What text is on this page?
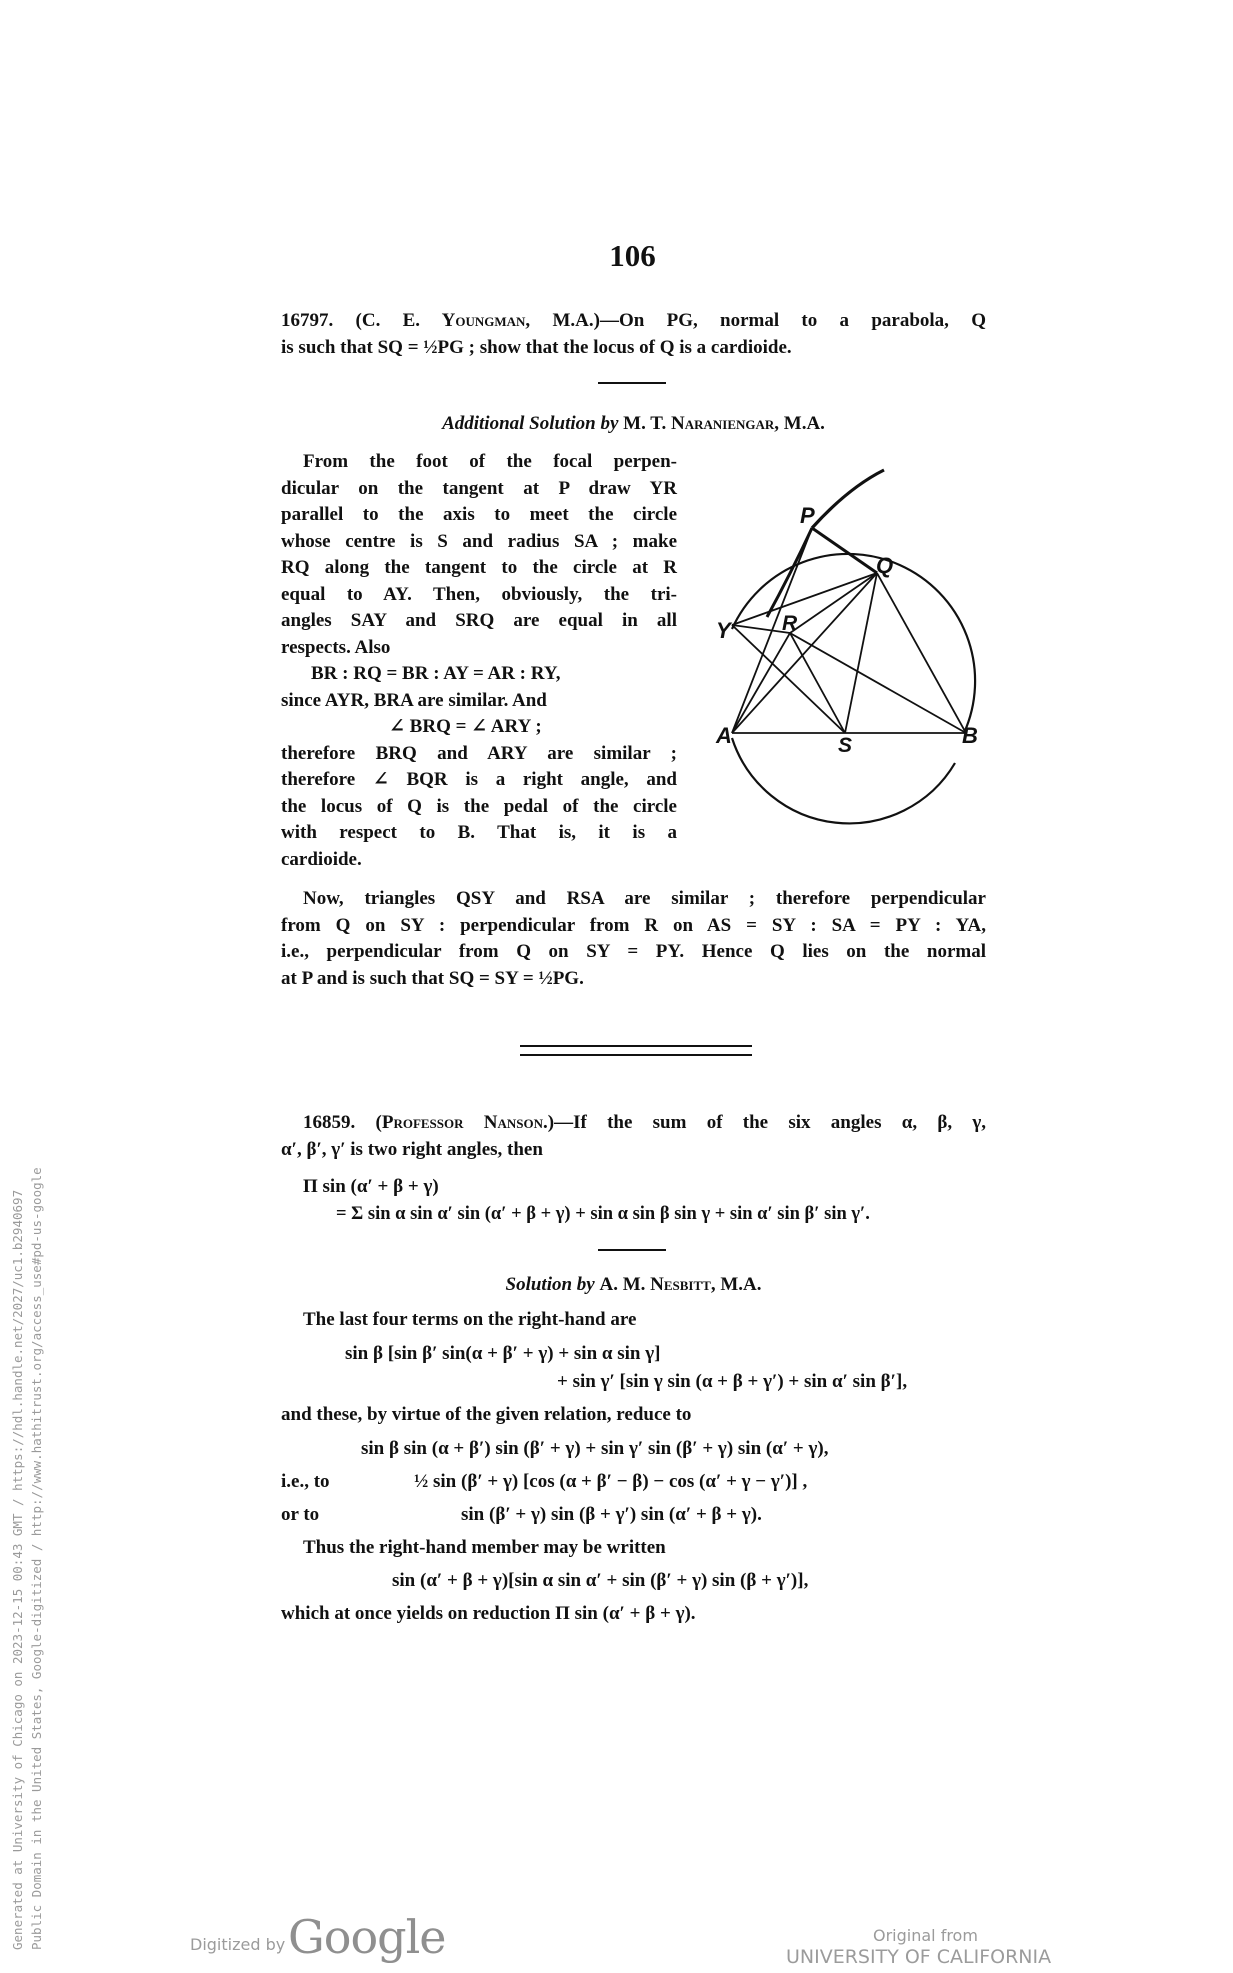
Generated at University of Chicago on 2023-12-15 00:43 GMT / https://hdl.handle.net/2027/uc1.b2940697 Public Domain in the United States, Google-digitized / http://www.hathitrust.org/access_use#pd-us-google
106
16797. (C. E. Youngman, M.A.)—On PG, normal to a parabola, Q
is such that SQ = ½PG ; show that the locus of Q is a cardioide.
Additional Solution by M. T. Naraniengar, M.A.
From the foot of the focal perpen-
dicular on the tangent at P draw YR
parallel to the axis to meet the circle
whose centre is S and radius SA ; make
RQ along the tangent to the circle at R
equal to AY. Then, obviously, the tri-
angles SAY and SRQ are equal in all
respects. Also
BR : RQ = BR : AY = AR : RY,
since AYR, BRA are similar. And
∠ BRQ = ∠ ARY ;
therefore BRQ and ARY are similar ;
therefore ∠ BQR is a right angle, and
the locus of Q is the pedal of the circle
with respect to B. That is, it is a
cardioide.
Now, triangles QSY and RSA are similar ; therefore perpendicular
from Q on SY : perpendicular from R on AS = SY : SA = PY : YA,
i.e., perpendicular from Q on SY = PY. Hence Q lies on the normal
at P and is such that SQ = SY = ½PG.
P
Q
Y R
A	S	B
16859. (Professor Nanson.)—If the sum of the six angles α, β, γ,
α′, β′, γ′ is two right angles, then
Π sin (α′ + β + γ)
= Σ sin α sin α′ sin (α′ + β + γ) + sin α sin β sin γ + sin α′ sin β′ sin γ′.
Solution by A. M. Nesbitt, M.A.
The last four terms on the right-hand are
sin β [sin β′ sin(α + β′ + γ) + sin α sin γ]
+ sin γ′ [sin γ sin (α + β + γ′) + sin α′ sin β′],
and these, by virtue of the given relation, reduce to
sin β sin (α + β′) sin (β′ + γ) + sin γ′ sin (β′ + γ) sin (α′ + γ),
i.e., to	½ sin (β′ + γ) [cos (α + β′ − β) − cos (α′ + γ − γ′)] ,
or to	sin (β′ + γ) sin (β + γ′) sin (α′ + β + γ).
Thus the right-hand member may be written
sin (α′ + β + γ)[sin α sin α′ + sin (β′ + γ) sin (β + γ′)],
which at once yields on reduction Π sin (α′ + β + γ).
Digitized by Google	Original from
UNIVERSITY OF CALIFORNIA
